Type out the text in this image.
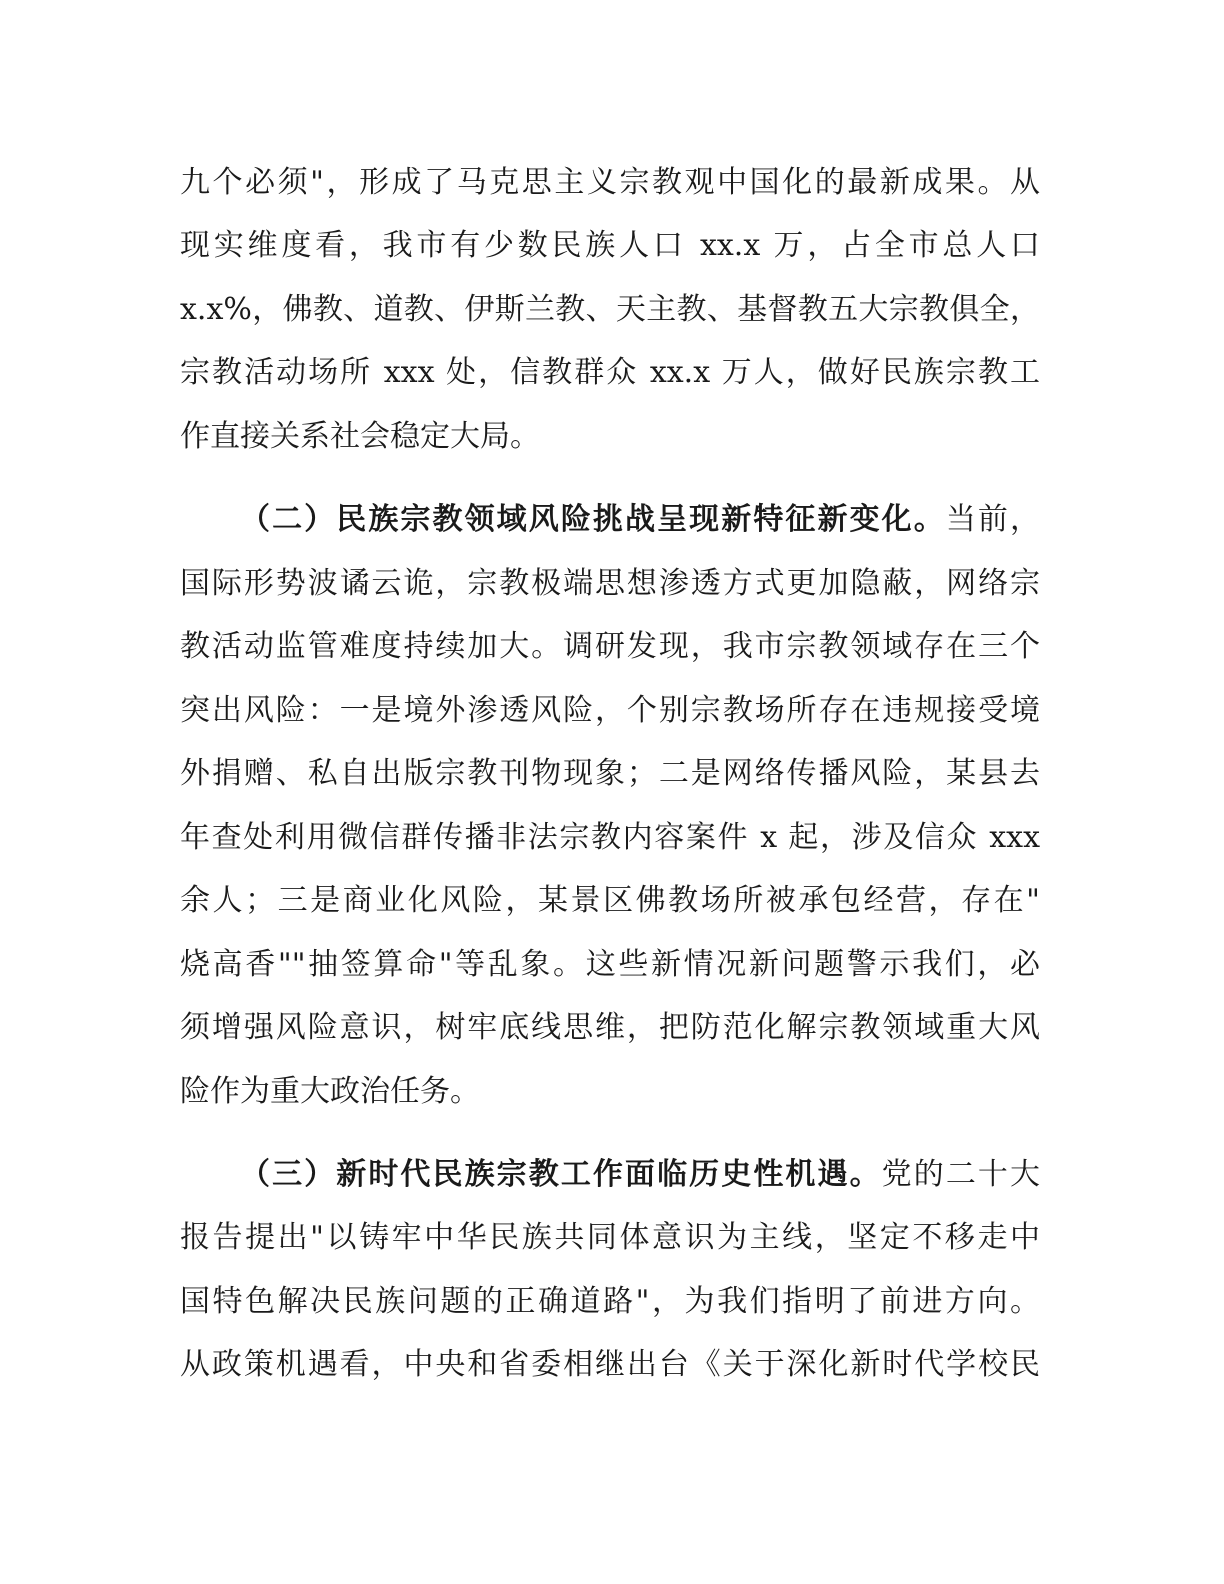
九个必须"，形成了马克思主义宗教观中国化的最新成果。从
现实维度看，我市有少数民族人口 xx.x 万，占全市总人口
x.x%，佛教、道教、伊斯兰教、天主教、基督教五大宗教俱全，
宗教活动场所 xxx 处，信教群众 xx.x 万人，做好民族宗教工
作直接关系社会稳定大局。
（二）民族宗教领域风险挑战呈现新特征新变化。当前，
国际形势波谲云诡，宗教极端思想渗透方式更加隐蔽，网络宗
教活动监管难度持续加大。调研发现，我市宗教领域存在三个
突出风险：一是境外渗透风险，个别宗教场所存在违规接受境
外捐赠、私自出版宗教刊物现象；二是网络传播风险，某县去
年查处利用微信群传播非法宗教内容案件 x 起，涉及信众 xxx
余人；三是商业化风险，某景区佛教场所被承包经营，存在"
烧高香""抽签算命"等乱象。这些新情况新问题警示我们，必
须增强风险意识，树牢底线思维，把防范化解宗教领域重大风
险作为重大政治任务。
（三）新时代民族宗教工作面临历史性机遇。党的二十大
报告提出"以铸牢中华民族共同体意识为主线，坚定不移走中
国特色解决民族问题的正确道路"，为我们指明了前进方向。
从政策机遇看，中央和省委相继出台《关于深化新时代学校民
